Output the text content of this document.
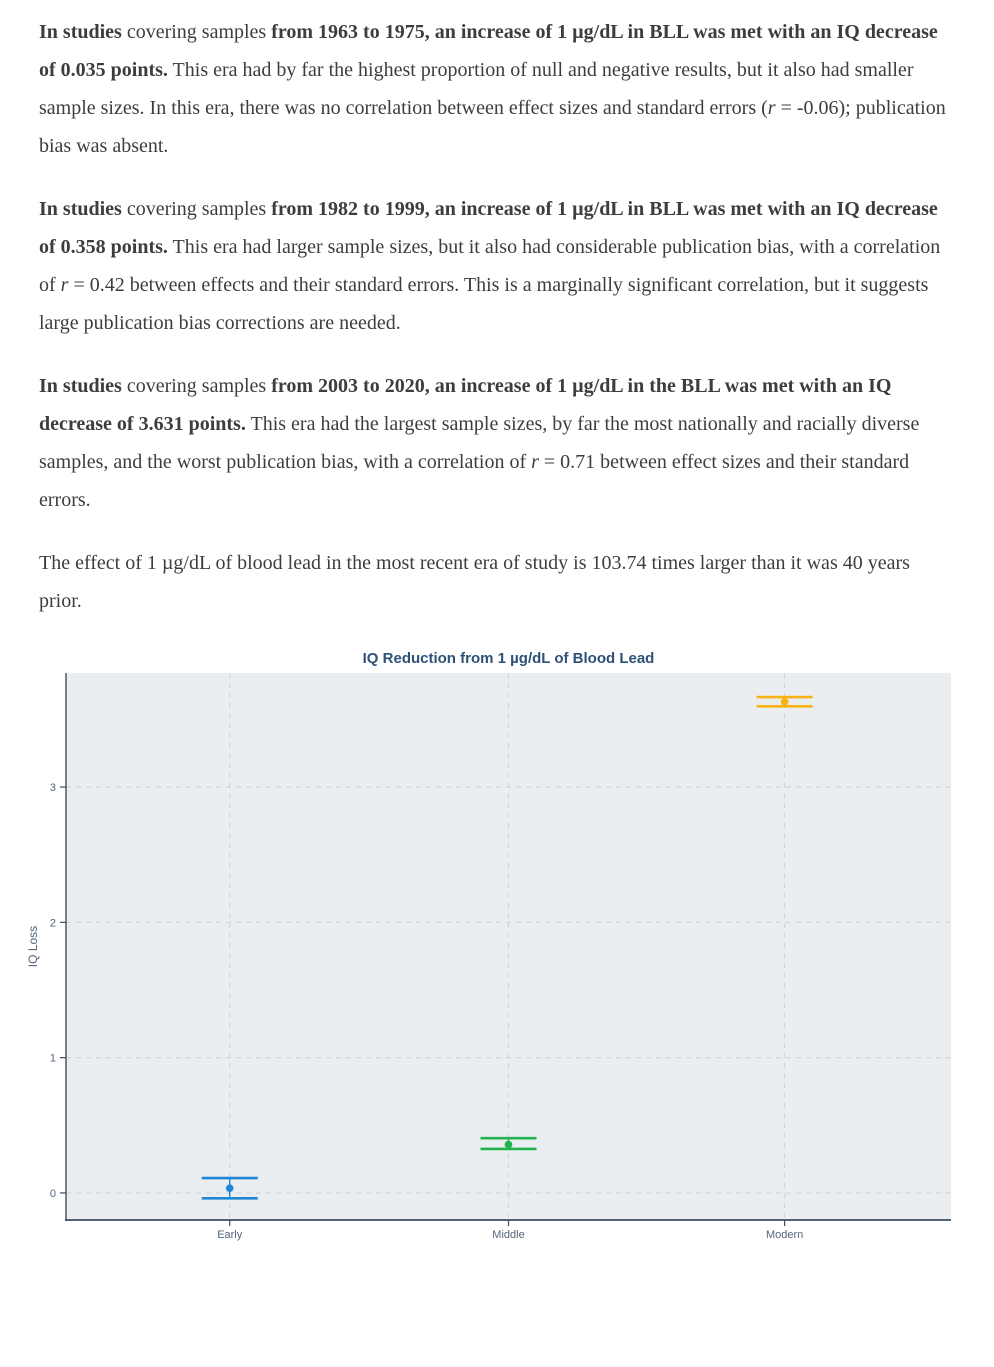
In studies covering samples from 1963 to 1975, an increase of 1 µg/dL in BLL was met with an IQ decrease of 0.035 points. This era had by far the highest proportion of null and negative results, but it also had smaller sample sizes. In this era, there was no correlation between effect sizes and standard errors (r = -0.06); publication bias was absent.

In studies covering samples from 1982 to 1999, an increase of 1 µg/dL in BLL was met with an IQ decrease of 0.358 points. This era had larger sample sizes, but it also had considerable publication bias, with a correlation of r = 0.42 between effects and their standard errors. This is a marginally significant correlation, but it suggests large publication bias corrections are needed.

In studies covering samples from 2003 to 2020, an increase of 1 µg/dL in the BLL was met with an IQ decrease of 3.631 points. This era had the largest sample sizes, by far the most nationally and racially diverse samples, and the worst publication bias, with a correlation of r = 0.71 between effect sizes and their standard errors.

The effect of 1 µg/dL of blood lead in the most recent era of study is 103.74 times larger than it was 40 years prior.

0
1
2
3
Early	Middle	Modern
IQ Reduction from 1 µg/dL of Blood Lead
IQ Loss
